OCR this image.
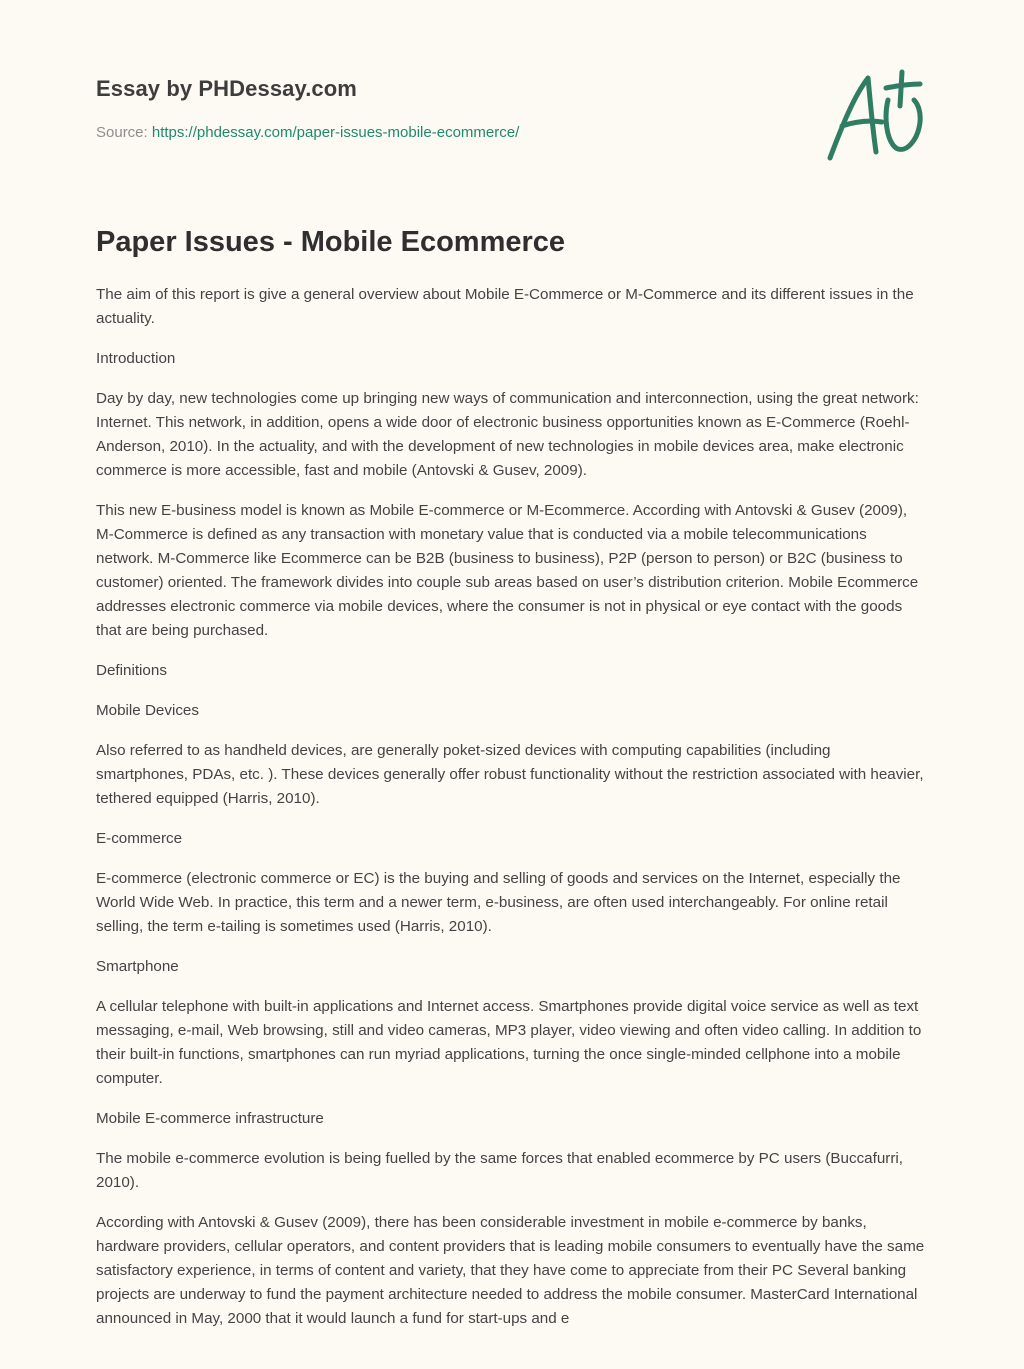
Essay by PHDessay.com

Source: https://phdessay.com/paper-issues-mobile-ecommerce/

Paper Issues - Mobile Ecommerce

The aim of this report is give a general overview about Mobile E-Commerce or M-Commerce and its different issues in the actuality.

Introduction

Day by day, new technologies come up bringing new ways of communication and interconnection, using the great network: Internet. This network, in addition, opens a wide door of electronic business opportunities known as E-Commerce (Roehl-Anderson, 2010). In the actuality, and with the development of new technologies in mobile devices area, make electronic commerce is more accessible, fast and mobile (Antovski & Gusev, 2009).

This new E-business model is known as Mobile E-commerce or M-Ecommerce. According with Antovski & Gusev (2009), M-Commerce is defined as any transaction with monetary value that is conducted via a mobile telecommunications network. M-Commerce like Ecommerce can be B2B (business to business), P2P (person to person) or B2C (business to customer) oriented. The framework divides into couple sub areas based on user’s distribution criterion. Mobile Ecommerce addresses electronic commerce via mobile devices, where the consumer is not in physical or eye contact with the goods that are being purchased.

Definitions

Mobile Devices

Also referred to as handheld devices, are generally poket-sized devices with computing capabilities (including smartphones, PDAs, etc. ). These devices generally offer robust functionality without the restriction associated with heavier, tethered equipped (Harris, 2010).

E-commerce

E-commerce (electronic commerce or EC) is the buying and selling of goods and services on the Internet, especially the World Wide Web. In practice, this term and a newer term, e-business, are often used interchangeably. For online retail selling, the term e-tailing is sometimes used (Harris, 2010).

Smartphone

A cellular telephone with built-in applications and Internet access. Smartphones provide digital voice service as well as text messaging, e-mail, Web browsing, still and video cameras, MP3 player, video viewing and often video calling. In addition to their built-in functions, smartphones can run myriad applications, turning the once single-minded cellphone into a mobile computer.

Mobile E-commerce infrastructure

The mobile e-commerce evolution is being fuelled by the same forces that enabled ecommerce by PC users (Buccafurri, 2010).

According with Antovski & Gusev (2009), there has been considerable investment in mobile e-commerce by banks, hardware providers, cellular operators, and content providers that is leading mobile consumers to eventually have the same satisfactory experience, in terms of content and variety, that they have come to appreciate from their PC Several banking projects are underway to fund the payment architecture needed to address the mobile consumer. MasterCard International announced in May, 2000 that it would launch a fund for start-ups and e
